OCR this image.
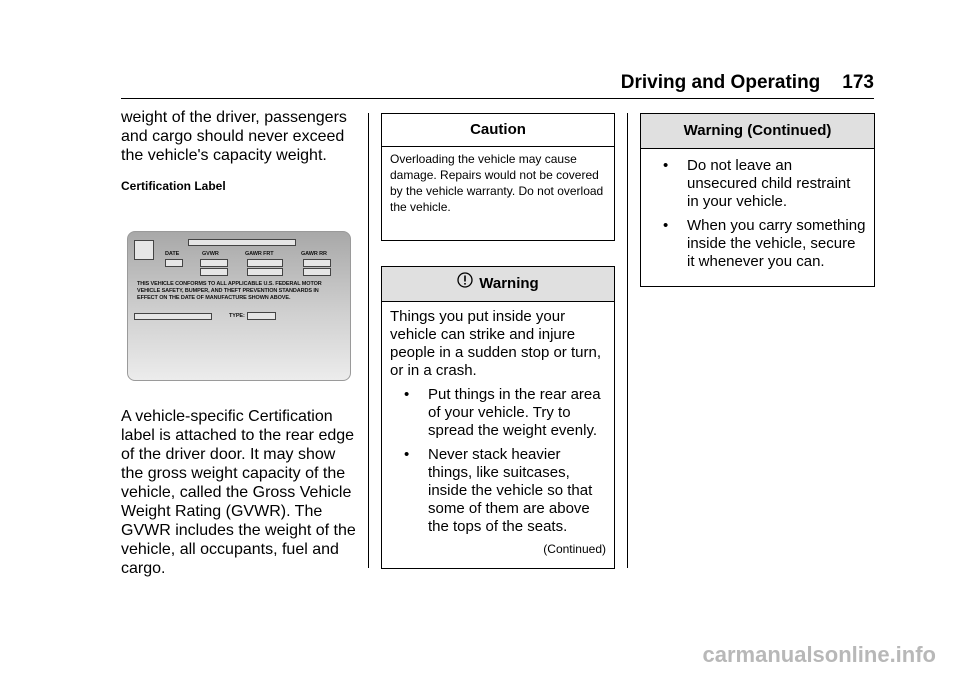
Driving and Operating 173

weight of the driver, passengers and cargo should never exceed the vehicle's capacity weight.

Certification Label

DATE	GVWR	GAWR FRT	GAWR RR
THIS VEHICLE CONFORMS TO ALL APPLICABLE U.S. FEDERAL MOTOR
VEHICLE SAFETY, BUMPER, AND THEFT PREVENTION STANDARDS IN
EFFECT ON THE DATE OF MANUFACTURE SHOWN ABOVE.
TYPE:

A vehicle-specific Certification label is attached to the rear edge of the driver door. It may show the gross weight capacity of the vehicle, called the Gross Vehicle Weight Rating (GVWR). The GVWR includes the weight of the vehicle, all occupants, fuel and cargo.

Caution

Overloading the vehicle may cause damage. Repairs would not be covered by the vehicle warranty. Do not overload the vehicle.

Warning

Things you put inside your vehicle can strike and injure people in a sudden stop or turn, or in a crash.

•	Put things in the rear area of your vehicle. Try to spread the weight evenly.
•	Never stack heavier things, like suitcases, inside the vehicle so that some of them are above the tops of the seats.
(Continued)
Warning (Continued)
•	Do not leave an unsecured child restraint in your vehicle.
•	When you carry something inside the vehicle, secure it whenever you can.
carmanualsonline.info
